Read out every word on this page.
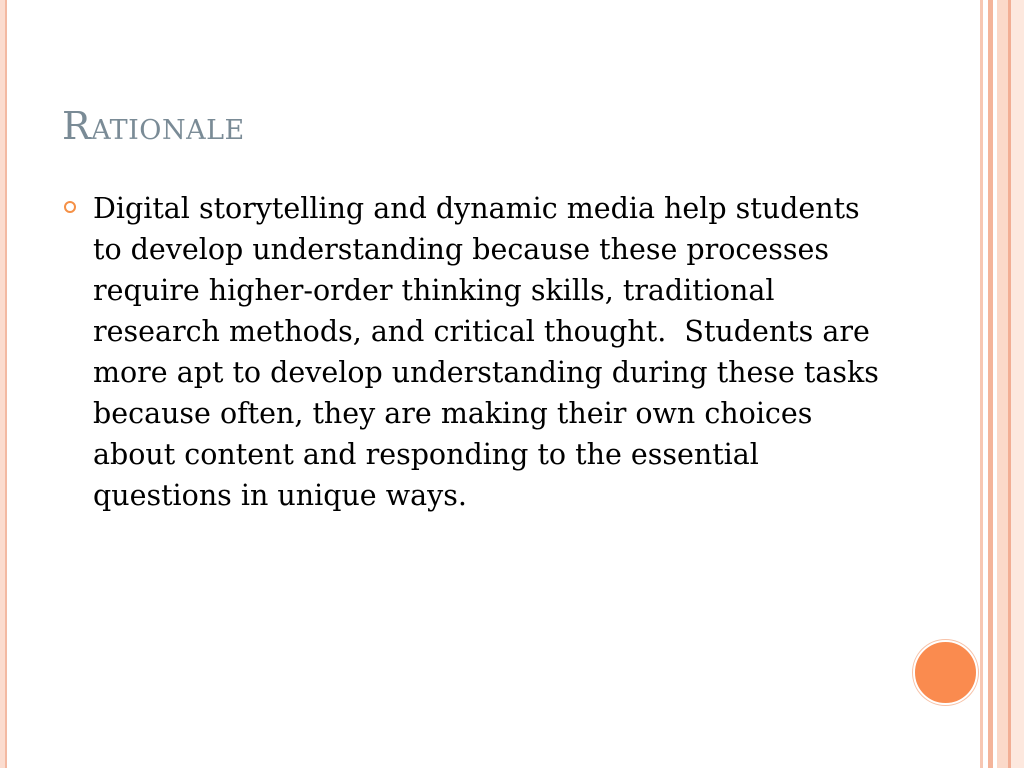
Rationale
Digital storytelling and dynamic media help students to develop understanding because these processes require higher-order thinking skills, traditional research methods, and critical thought.  Students are more apt to develop understanding during these tasks because often, they are making their own choices about content and responding to the essential questions in unique ways.
